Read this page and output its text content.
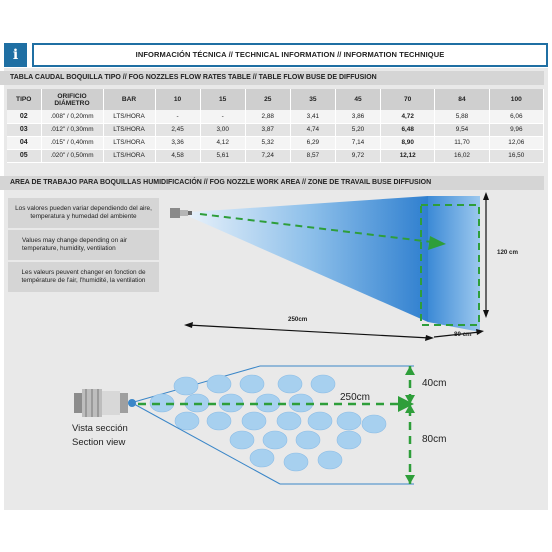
i	INFORMACIÓN TÉCNICA // TECHNICAL INFORMATION // INFORMATION TECHNIQUE
TABLA CAUDAL BOQUILLA TIPO // FOG NOZZLES FLOW RATES TABLE // TABLE FLOW BUSE DE DIFFUSION
TIPO	ORIFICIO DIÁMETRO	BAR	10	15	25	35	45	70	84	100
02	.008" / 0,20mm	LTS/HORA	-	-	2,88	3,41	3,86	4,72	5,88	6,06
03	.012" / 0,30mm	LTS/HORA	2,45	3,00	3,87	4,74	5,20	6,48	9,54	9,96
04	.015" / 0,40mm	LTS/HORA	3,36	4,12	5,32	6,29	7,14	8,90	11,70	12,06
05	.020" / 0,50mm	LTS/HORA	4,58	5,61	7,24	8,57	9,72	12,12	16,02	16,50
AREA DE TRABAJO PARA BOQUILLAS HUMIDIFICACIÓN // FOG NOZZLE WORK AREA // ZONE DE TRAVAIL BUSE DIFFUSION
Los valores pueden variar dependiendo del aire, temperatura y humedad del ambiente
Values may change depending on air temperature, humidity, ventilation
Les valeurs peuvent changer en fonction de température de l'air, l'humidité, la ventilation
120 cm
250cm
80 cm
250cm
40cm
80cm
Vista sección
Section view
